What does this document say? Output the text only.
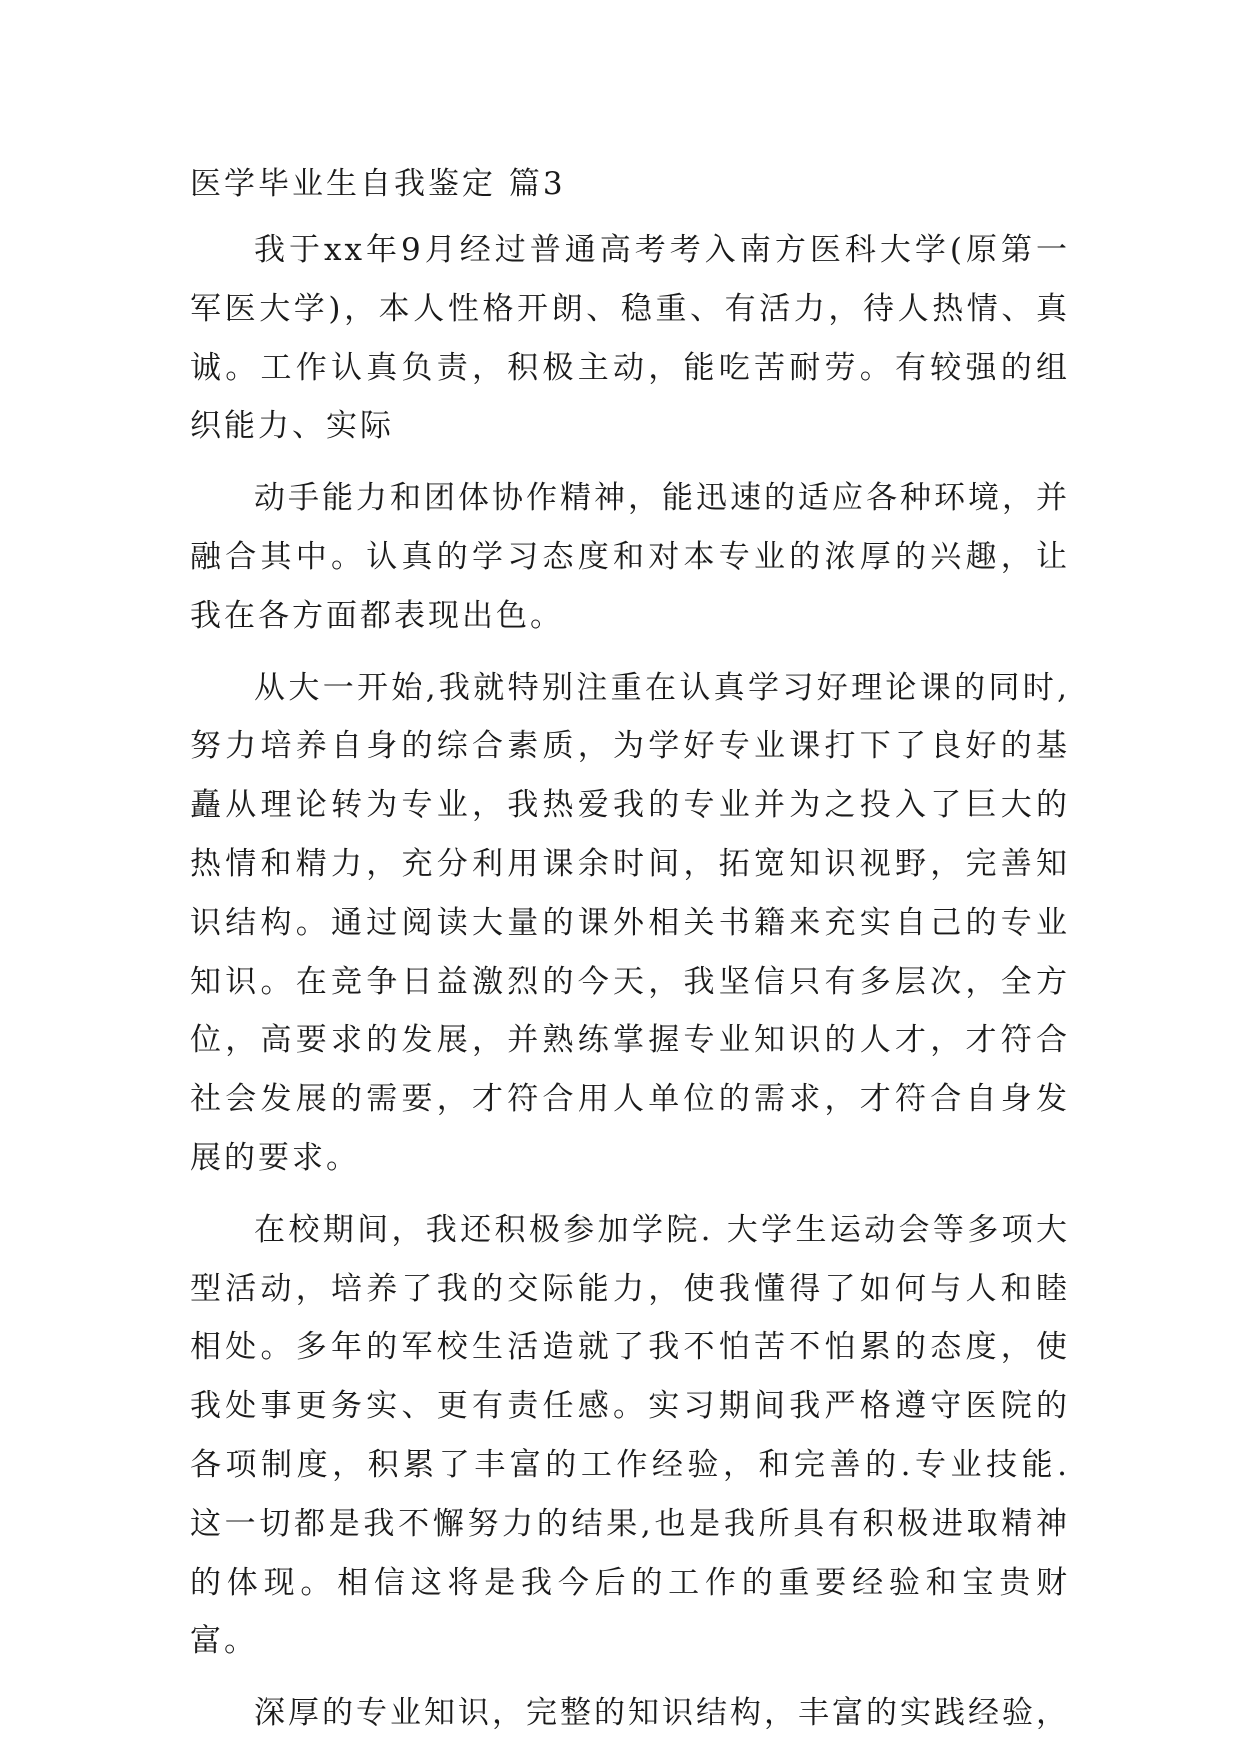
医学毕业生自我鉴定 篇3

我于xx年9月经过普通高考考入南方医科大学(原第一军医大学)，本人性格开朗、稳重、有活力，待人热情、真诚。工作认真负责，积极主动，能吃苦耐劳。有较强的组织能力、实际

动手能力和团体协作精神，能迅速的适应各种环境，并融合其中。认真的学习态度和对本专业的浓厚的兴趣，让我在各方面都表现出色。

从大一开始,我就特别注重在认真学习好理论课的同时,努力培养自身的综合素质，为学好专业课打下了良好的基矗从理论转为专业，我热爱我的专业并为之投入了巨大的热情和精力，充分利用课余时间，拓宽知识视野，完善知识结构。通过阅读大量的课外相关书籍来充实自己的专业知识。在竞争日益激烈的今天，我坚信只有多层次，全方位，高要求的发展，并熟练掌握专业知识的人才，才符合社会发展的需要，才符合用人单位的需求，才符合自身发展的要求。

在校期间，我还积极参加学院. 大学生运动会等多项大型活动，培养了我的交际能力，使我懂得了如何与人和睦相处。多年的军校生活造就了我不怕苦不怕累的态度，使我处事更务实、更有责任感。实习期间我严格遵守医院的各项制度，积累了丰富的工作经验，和完善的.专业技能. 这一切都是我不懈努力的结果,也是我所具有积极进取精神的体现。相信这将是我今后的工作的重要经验和宝贵财富。

深厚的专业知识，完整的知识结构，丰富的实践经验，
